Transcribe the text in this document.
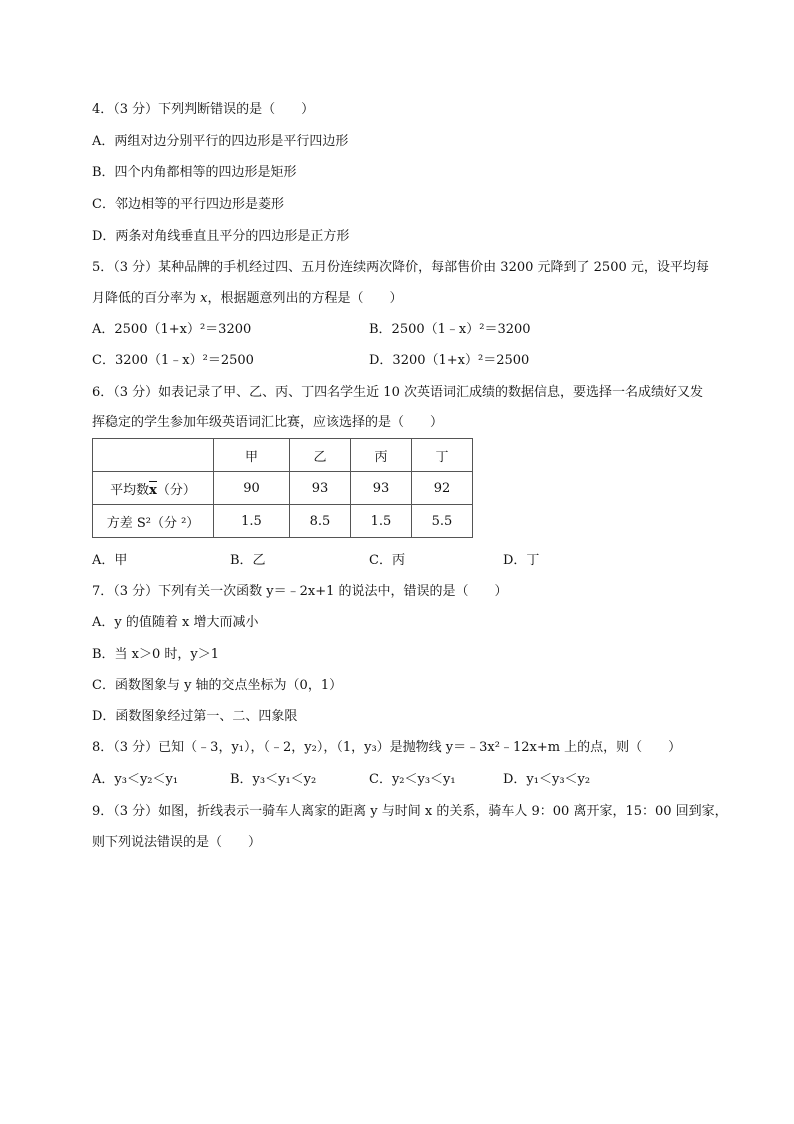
4．（3 分）下列判断错误的是（　　）
A．两组对边分别平行的四边形是平行四边形
B．四个内角都相等的四边形是矩形
C．邻边相等的平行四边形是菱形
D．两条对角线垂直且平分的四边形是正方形
5．（3 分）某种品牌的手机经过四、五月份连续两次降价，每部售价由 3200 元降到了 2500 元，设平均每
月降低的百分率为 x，根据题意列出的方程是（　　）
A．2500（1+x）²＝3200	B．2500（1﹣x）²＝3200
C．3200（1﹣x）²＝2500	D．3200（1+x）²＝2500
6．（3 分）如表记录了甲、乙、丙、丁四名学生近 10 次英语词汇成绩的数据信息，要选择一名成绩好又发
挥稳定的学生参加年级英语词汇比赛，应该选择的是（　　）
	甲	乙	丙	丁
平均数x（分）	90	93	93	92
方差 S²（分 ²）	1.5	8.5	1.5	5.5
A．甲	B．乙	C．丙	D．丁
7．（3 分）下列有关一次函数 y＝﹣2x+1 的说法中，错误的是（　　）
A．y 的值随着 x 增大而减小
B．当 x＞0 时，y＞1
C．函数图象与 y 轴的交点坐标为（0，1）
D．函数图象经过第一、二、四象限
8．（3 分）已知（﹣3，y₁），（﹣2，y₂），（1，y₃）是抛物线 y＝﹣3x²﹣12x+m 上的点，则（　　）
A．y₃＜y₂＜y₁	B．y₃＜y₁＜y₂	C．y₂＜y₃＜y₁	D．y₁＜y₃＜y₂
9．（3 分）如图，折线表示一骑车人离家的距离 y 与时间 x 的关系，骑车人 9：00 离开家，15：00 回到家，
则下列说法错误的是（　　）
